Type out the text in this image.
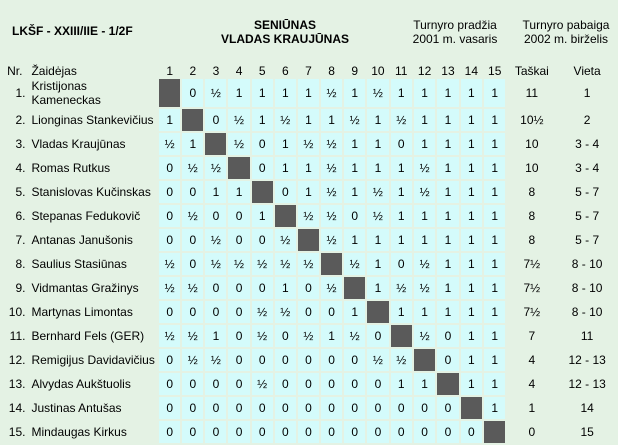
LKŠF - XXIII/IIE - 1/2F	SENIŪNAS
VLADAS KRAUJŪNAS
Turnyro pradžia
2001 m. vasaris
Turnyro pabaiga
2002 m. birželis
Nr.	Žaidėjas	1	2	3	4	5	6	7	8	9	10	11	12	13	14	15	Taškai	Vieta
1.	Kristijonas Kameneckas		0	½	1	1	1	1	½	1	½	1	1	1	1	1	11	1
2.	Lionginas Stankevičius	1		0	½	1	½	1	1	½	1	½	1	1	1	1	10½	2
3.	Vladas Kraujūnas	½	1		½	0	1	½	½	1	1	0	1	1	1	1	10	3 - 4
4.	Romas Rutkus	0	½	½		0	1	1	½	1	1	1	½	1	1	1	10	3 - 4
5.	Stanislovas Kučinskas	0	0	1	1		0	1	½	1	½	1	½	1	1	1	8	5 - 7
6.	Stepanas Fedukovič	0	½	0	0	1		½	½	0	½	1	1	1	1	1	8	5 - 7
7.	Antanas Janušonis	0	0	½	0	0	½		½	1	1	1	1	1	1	1	8	5 - 7
8.	Saulius Stasiūnas	½	0	½	½	½	½	½		½	1	0	½	1	1	1	7½	8 - 10
9.	Vidmantas Gražinys	½	½	0	0	0	1	0	½		1	½	½	1	1	1	7½	8 - 10
10.	Martynas Limontas	0	0	0	0	½	½	0	0	1		1	1	1	1	1	7½	8 - 10
11.	Bernhard Fels (GER)	½	½	1	0	½	0	½	1	½	0		½	0	1	1	7	11
12.	Remigijus Davidavičius	0	½	½	0	0	0	0	0	0	½	½		0	1	1	4	12 - 13
13.	Alvydas Aukštuolis	0	0	0	0	½	0	0	0	0	0	1	1		1	1	4	12 - 13
14.	Justinas Antušas	0	0	0	0	0	0	0	0	0	0	0	0	0		1	1	14
15.	Mindaugas Kirkus	0	0	0	0	0	0	0	0	0	0	0	0	0	0		0	15
